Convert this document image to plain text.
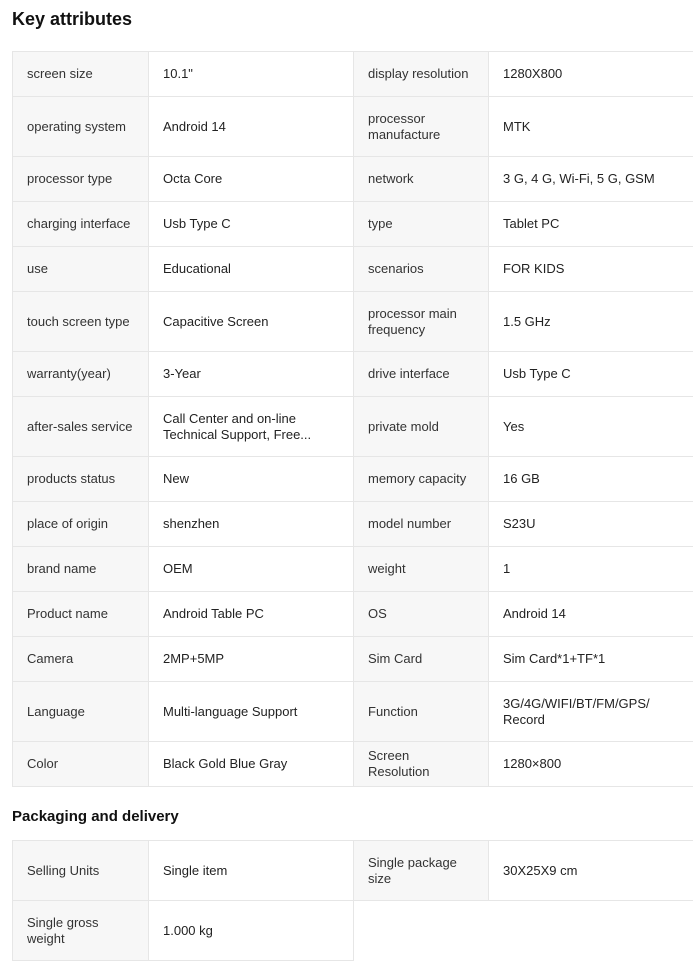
Key attributes
screen size	10.1"	display resolution	1280X800

operating system	Android 14	processor manufacture	MTK

processor type	Octa Core	network	3 G, 4 G, Wi-Fi, 5 G, GSM

charging interface	Usb Type C	type	Tablet PC

use	Educational	scenarios	FOR KIDS

touch screen type	Capacitive Screen	processor main frequency	1.5 GHz

warranty(year)	3-Year	drive interface	Usb Type C

after-sales service	Call Center and on-line Technical Support, Free...	private mold	Yes

products status	New	memory capacity	16 GB

place of origin	shenzhen	model number	S23U

brand name	OEM	weight	1

Product name	Android Table PC	OS	Android 14

Camera	2MP+5MP	Sim Card	Sim Card*1+TF*1

Language	Multi-language Support	Function	3G/4G/WIFI/BT/FM/GPS/ Record

Color	Black Gold Blue Gray	Screen Resolution	1280×800
Packaging and delivery
Selling Units	Single item	Single package size	30X25X9 cm

Single gross weight	1.000 kg		
